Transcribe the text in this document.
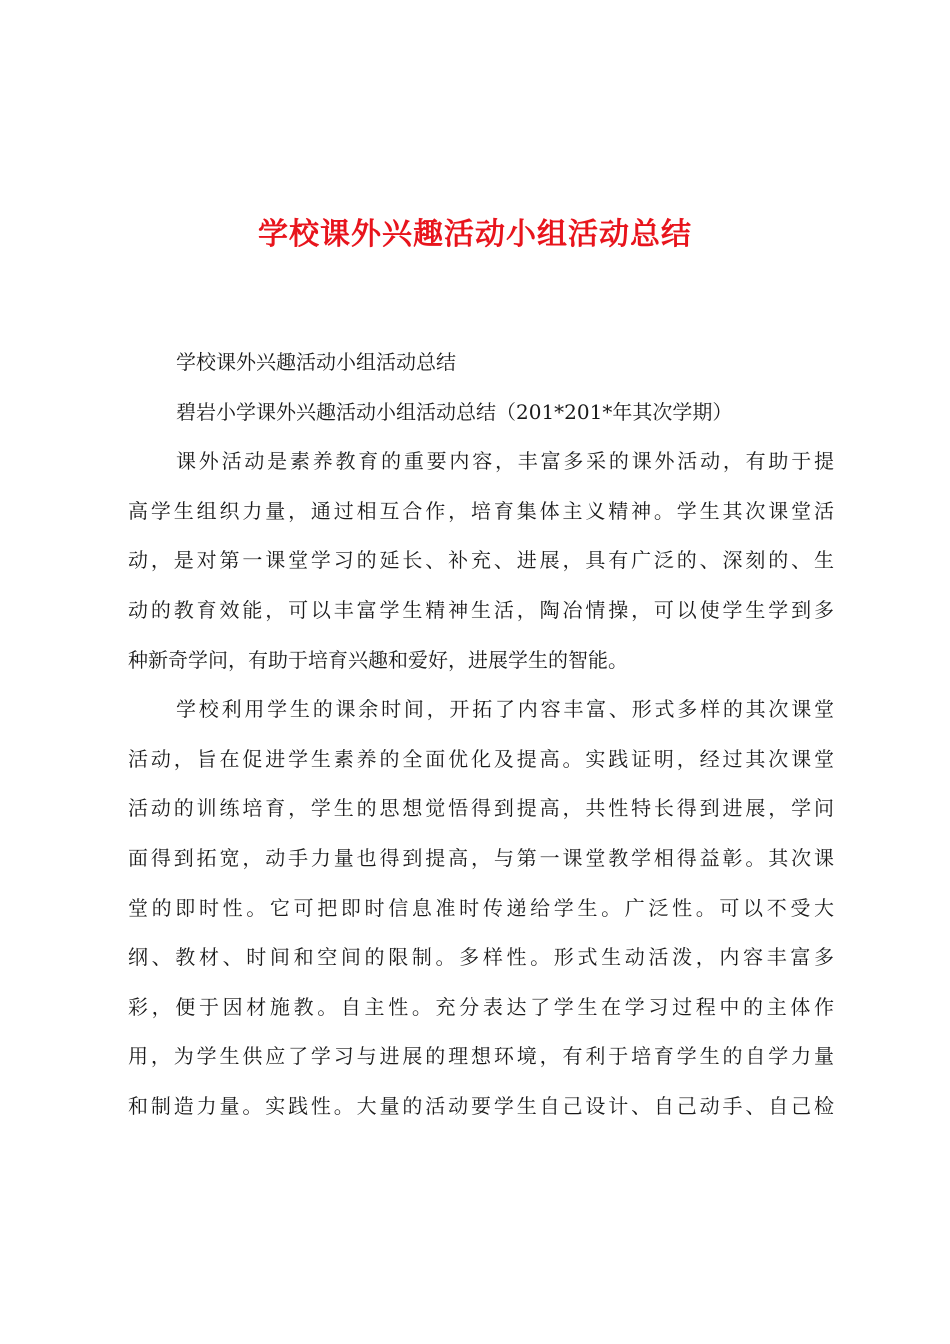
学校课外兴趣活动小组活动总结
学校课外兴趣活动小组活动总结
碧岩小学课外兴趣活动小组活动总结（201*201*年其次学期）
课外活动是素养教育的重要内容，丰富多采的课外活动，有助于提
高学生组织力量，通过相互合作，培育集体主义精神。学生其次课堂活
动，是对第一课堂学习的延长、补充、进展，具有广泛的、深刻的、生
动的教育效能，可以丰富学生精神生活，陶冶情操，可以使学生学到多
种新奇学问，有助于培育兴趣和爱好，进展学生的智能。
学校利用学生的课余时间，开拓了内容丰富、形式多样的其次课堂
活动，旨在促进学生素养的全面优化及提高。实践证明，经过其次课堂
活动的训练培育，学生的思想觉悟得到提高，共性特长得到进展，学问
面得到拓宽，动手力量也得到提高，与第一课堂教学相得益彰。其次课
堂的即时性。它可把即时信息准时传递给学生。广泛性。可以不受大
纲、教材、时间和空间的限制。多样性。形式生动活泼，内容丰富多
彩，便于因材施教。自主性。充分表达了学生在学习过程中的主体作
用，为学生供应了学习与进展的理想环境，有利于培育学生的自学力量
和制造力量。实践性。大量的活动要学生自己设计、自己动手、自己检
